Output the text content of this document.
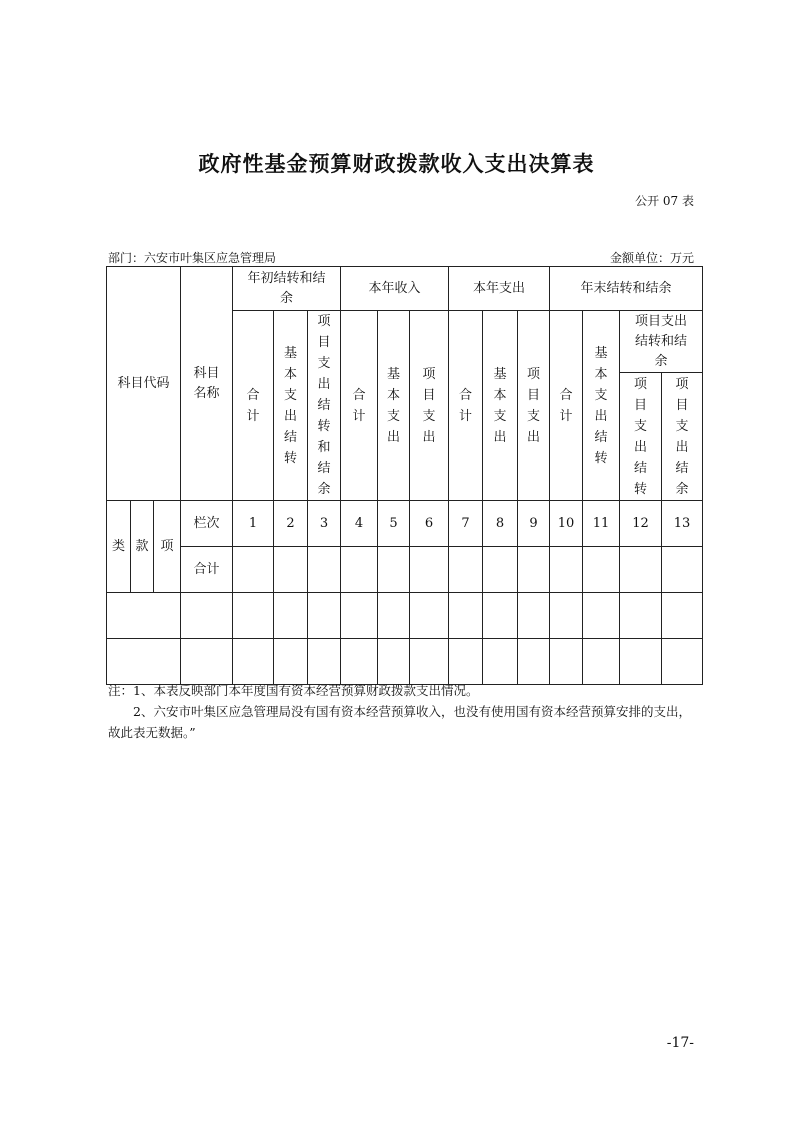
政府性基金预算财政拨款收入支出决算表
公开 07 表
部门：六安市叶集区应急管理局	金额单位：万元
科目代码			科目名称	年初结转和结余			本年收入			本年支出			年末结转和结余			
				合计	基本支出结转	项目支出结转和结余	合计	基本支出	项目支出	合计	基本支出	项目支出	合计	基本支出结转	项目支出结转和结余	
															项目支出结转	项目支出结余
类	款	项	栏次	1	2	3	4	5	6	7	8	9	10	11	12	13
			合计													

注：1、本表反映部门本年度国有资本经营预算财政拨款支出情况。

2、六安市叶集区应急管理局没有国有资本经营预算收入，也没有使用国有资本经营预算安排的支出，故此表无数据。”

-17-
